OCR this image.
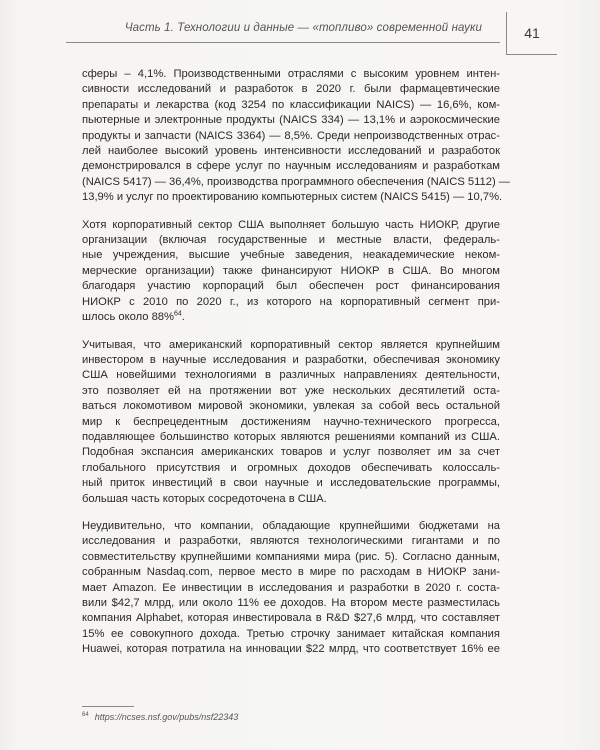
Часть 1. Технологии и данные — «топливо» современной науки	41

сферы – 4,1%. Производственными отраслями с высоким уровнем интен-
сивности исследований и разработок в 2020 г. были фармацевтические
препараты и лекарства (код 3254 по классификации NAICS) — 16,6%, ком-
пьютерные и электронные продукты (NAICS 334) — 13,1% и аэрокосмические
продукты и запчасти (NAICS 3364) — 8,5%. Среди непроизводственных отрас-
лей наиболее высокий уровень интенсивности исследований и разработок
демонстрировался в сфере услуг по научным исследованиям и разработкам
(NAICS 5417) — 36,4%, производства программного обеспечения (NAICS 5112) —
13,9% и услуг по проектированию компьютерных систем (NAICS 5415) — 10,7%.

Хотя корпоративный сектор США выполняет большую часть НИОКР, другие
организации (включая государственные и местные власти, федераль-
ные учреждения, высшие учебные заведения, неакадемические неком-
мерческие организации) также финансируют НИОКР в США. Во многом
благодаря участию корпораций был обеспечен рост финансирования
НИОКР с 2010 по 2020 г., из которого на корпоративный сегмент при-
шлось около 88%$^{64}$.

Учитывая, что американский корпоративный сектор является крупнейшим
инвестором в научные исследования и разработки, обеспечивая экономику
США новейшими технологиями в различных направлениях деятельности,
это позволяет ей на протяжении вот уже нескольких десятилетий оста-
ваться локомотивом мировой экономики, увлекая за собой весь остальной
мир к беспрецедентным достижениям научно-технического прогресса,
подавляющее большинство которых являются решениями компаний из США.
Подобная экспансия американских товаров и услуг позволяет им за счет
глобального присутствия и огромных доходов обеспечивать колоссаль-
ный приток инвестиций в свои научные и исследовательские программы,
большая часть которых сосредоточена в США.

Неудивительно, что компании, обладающие крупнейшими бюджетами на
исследования и разработки, являются технологическими гигантами и по
совместительству крупнейшими компаниями мира (рис. 5). Согласно данным,
собранным Nasdaq.com, первое место в мире по расходам в НИОКР зани-
мает Amazon. Ее инвестиции в исследования и разработки в 2020 г. соста-
вили $42,7 млрд, или около 11% ее доходов. На втором месте разместилась
компания Alphabet, которая инвестировала в R&D $27,6 млрд, что составляет
15% ее совокупного дохода. Третью строчку занимает китайская компания
Huawei, которая потратила на инновации $22 млрд, что соответствует 16% ее

$^{64}$ https://ncses.nsf.gov/pubs/nsf22343
